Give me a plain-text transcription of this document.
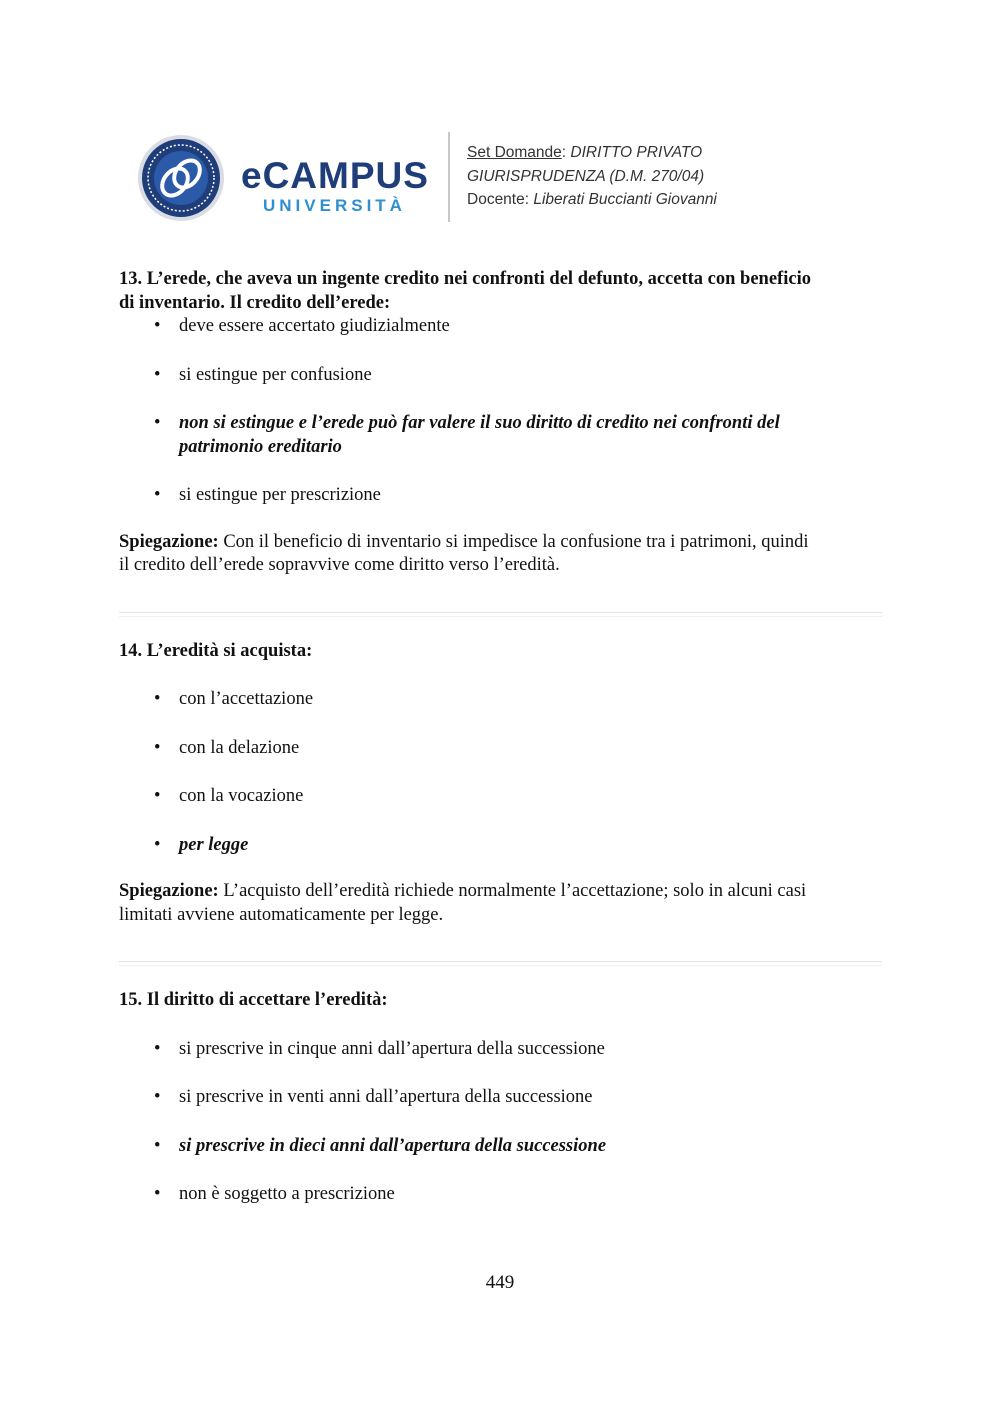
eCAMPUS
UNIVERSITÀ
Set Domande: DIRITTO PRIVATO
GIURISPRUDENZA (D.M. 270/04)
Docente: Liberati Buccianti Giovanni

13. L’erede, che aveva un ingente credito nei confronti del defunto, accetta con beneficio
di inventario. Il credito dell’erede:

• deve essere accertato giudizialmente
• si estingue per confusione
• non si estingue e l’erede può far valere il suo diritto di credito nei confronti del
patrimonio ereditario
• si estingue per prescrizione

Spiegazione: Con il beneficio di inventario si impedisce la confusione tra i patrimoni, quindi
il credito dell’erede sopravvive come diritto verso l’eredità.

14. L’eredità si acquista:

• con l’accettazione
• con la delazione
• con la vocazione
• per legge

Spiegazione: L’acquisto dell’eredità richiede normalmente l’accettazione; solo in alcuni casi
limitati avviene automaticamente per legge.

15. Il diritto di accettare l’eredità:

• si prescrive in cinque anni dall’apertura della successione
• si prescrive in venti anni dall’apertura della successione
• si prescrive in dieci anni dall’apertura della successione
• non è soggetto a prescrizione
449
